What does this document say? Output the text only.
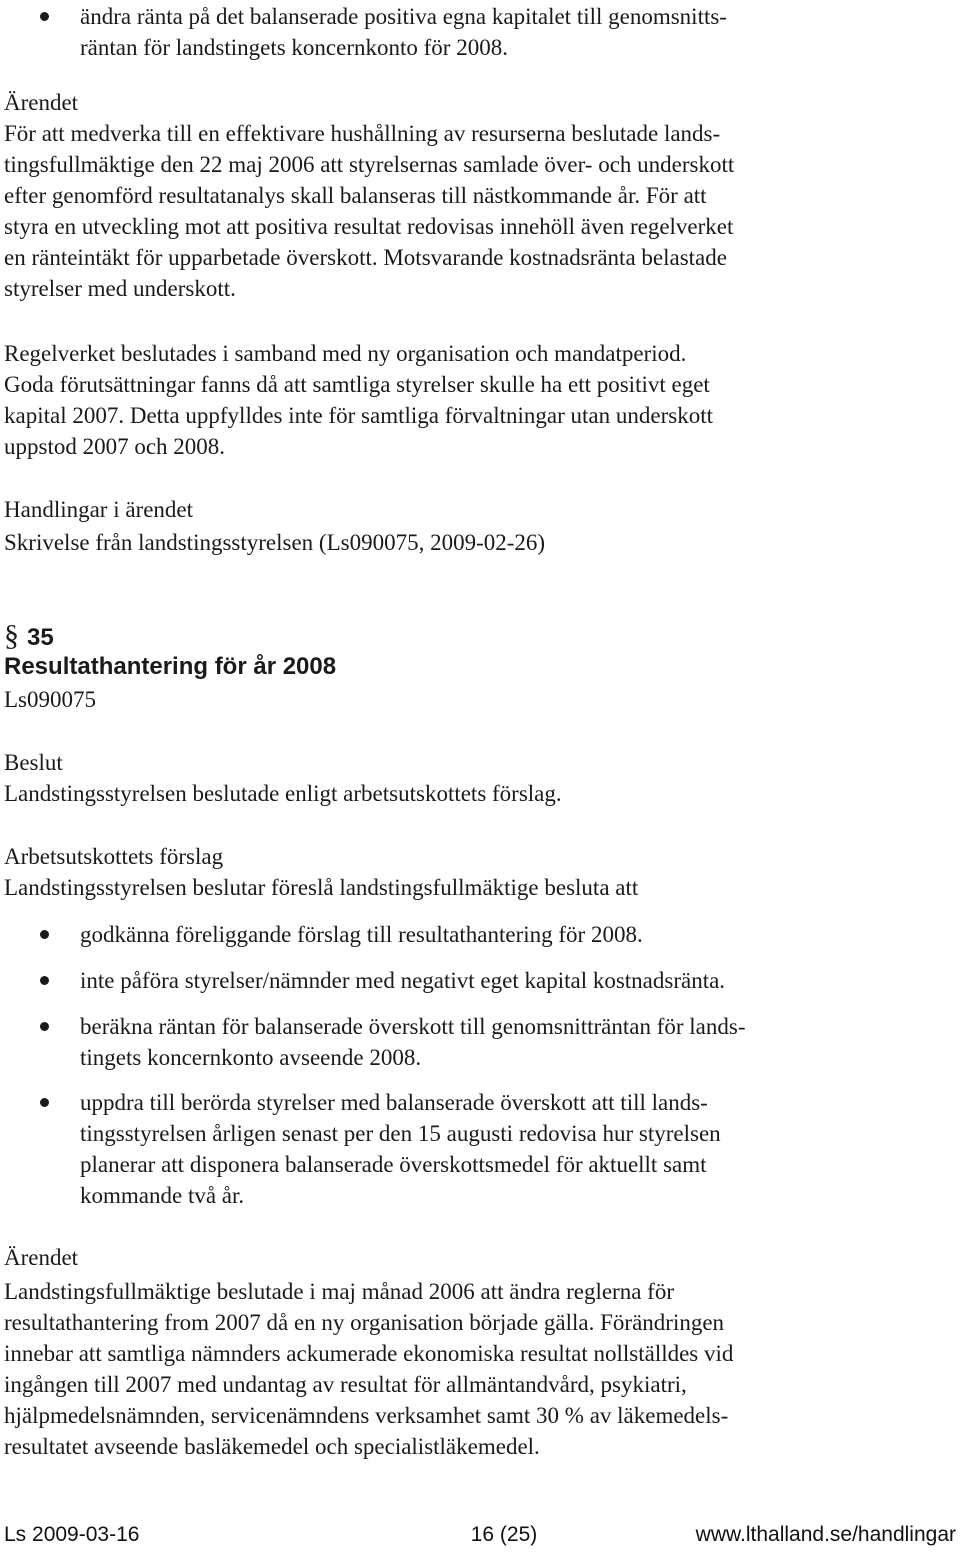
ändra ränta på det balanserade positiva egna kapitalet till genomsnitts-
räntan för landstingets koncernkonto för 2008.
Ärendet

För att medverka till en effektivare hushållning av resurserna beslutade lands-
tingsfullmäktige den 22 maj 2006 att styrelsernas samlade över- och underskott
efter genomförd resultatanalys skall balanseras till nästkommande år. För att
styra en utveckling mot att positiva resultat redovisas innehöll även regelverket
en ränteintäkt för upparbetade överskott. Motsvarande kostnadsränta belastade
styrelser med underskott.

Regelverket beslutades i samband med ny organisation och mandatperiod.
Goda förutsättningar fanns då att samtliga styrelser skulle ha ett positivt eget
kapital 2007. Detta uppfylldes inte för samtliga förvaltningar utan underskott
uppstod 2007 och 2008.

Handlingar i ärendet

Skrivelse från landstingsstyrelsen (Ls090075, 2009-02-26)

§ 35
Resultathantering för år 2008

Ls090075

Beslut

Landstingsstyrelsen beslutade enligt arbetsutskottets förslag.

Arbetsutskottets förslag

Landstingsstyrelsen beslutar föreslå landstingsfullmäktige besluta att

godkänna föreliggande förslag till resultathantering för 2008.
inte påföra styrelser/nämnder med negativt eget kapital kostnadsränta.
beräkna räntan för balanserade överskott till genomsnitträntan för lands-
tingets koncernkonto avseende 2008.
uppdra till berörda styrelser med balanserade överskott att till lands-
tingsstyrelsen årligen senast per den 15 augusti redovisa hur styrelsen
planerar att disponera balanserade överskottsmedel för aktuellt samt
kommande två år.
Ärendet

Landstingsfullmäktige beslutade i maj månad 2006 att ändra reglerna för
resultathantering from 2007 då en ny organisation började gälla. Förändringen
innebar att samtliga nämnders ackumerade ekonomiska resultat nollställdes vid
ingången till 2007 med undantag av resultat för allmäntandvård, psykiatri,
hjälpmedelsnämnden, servicenämndens verksamhet samt 30 % av läkemedels-
resultatet avseende basläkemedel och specialistläkemedel.

Ls 2009-03-16	16 (25)	www.lthalland.se/handlingar
